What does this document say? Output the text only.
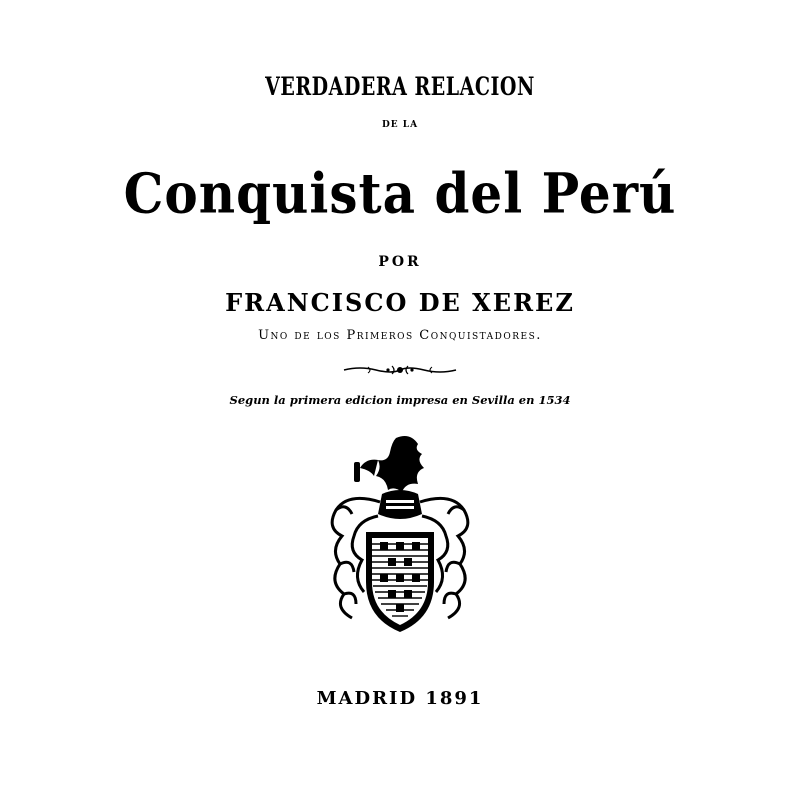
VERDADERA RELACION
DE LA
Conquista del Perú
POR
FRANCISCO DE XEREZ
Uno de los Primeros Conquistadores.
Segun la primera edicion impresa en Sevilla en 1534
MADRID 1891
